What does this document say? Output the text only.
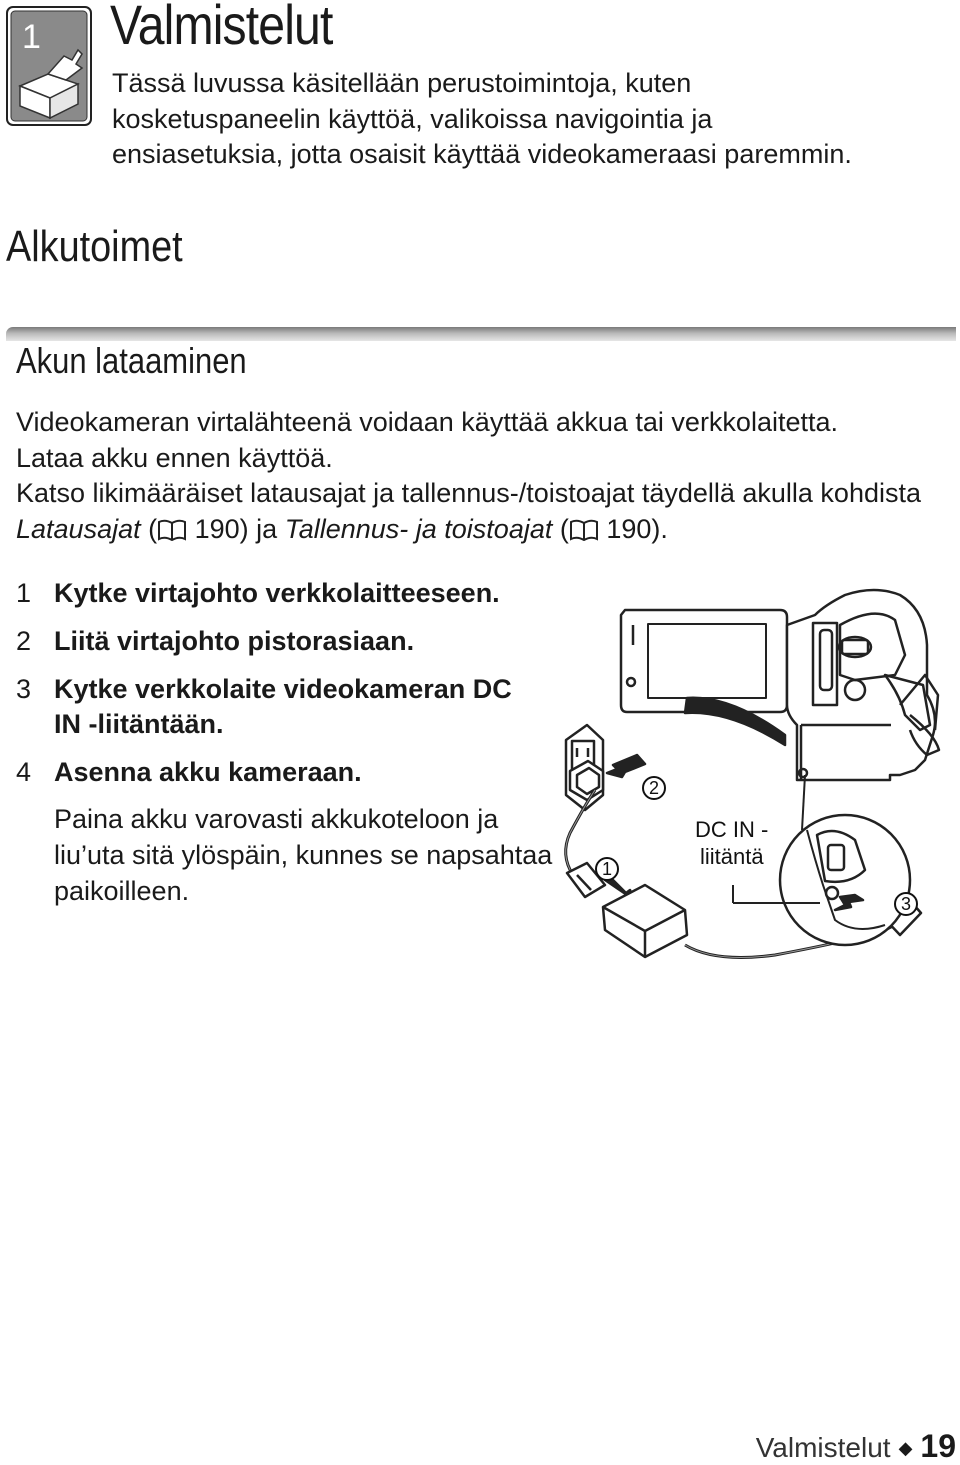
1 Valmistelut

Tässä luvussa käsitellään perustoimintoja, kuten kosketuspaneelin käyttöä, valikoissa navigointia ja ensiasetuksia, jotta osaisit käyttää videokameraasi paremmin.

Alkutoimet
Akun lataaminen

Videokameran virtalähteenä voidaan käyttää akkua tai verkkolaitetta.

Lataa akku ennen käyttöä.

Katso likimääräiset latausajat ja tallennus-/toistoajat täydellä akulla kohdista Latausajat ( 190) ja Tallennus- ja toistoajat ( 190).

1 Kytke virtajohto verkkolaitteeseen.
2 Liitä virtajohto pistorasiaan.
3 Kytke verkkolaite videokameran DC IN -liitäntään.
4 Asenna akku kameraan.
Paina akku varovasti akkukoteloon ja liu’uta sitä ylöspäin, kunnes se napsahtaa paikoilleen.
DC IN -
liitäntä
1
2
3
Valmistelut ◆ 19
